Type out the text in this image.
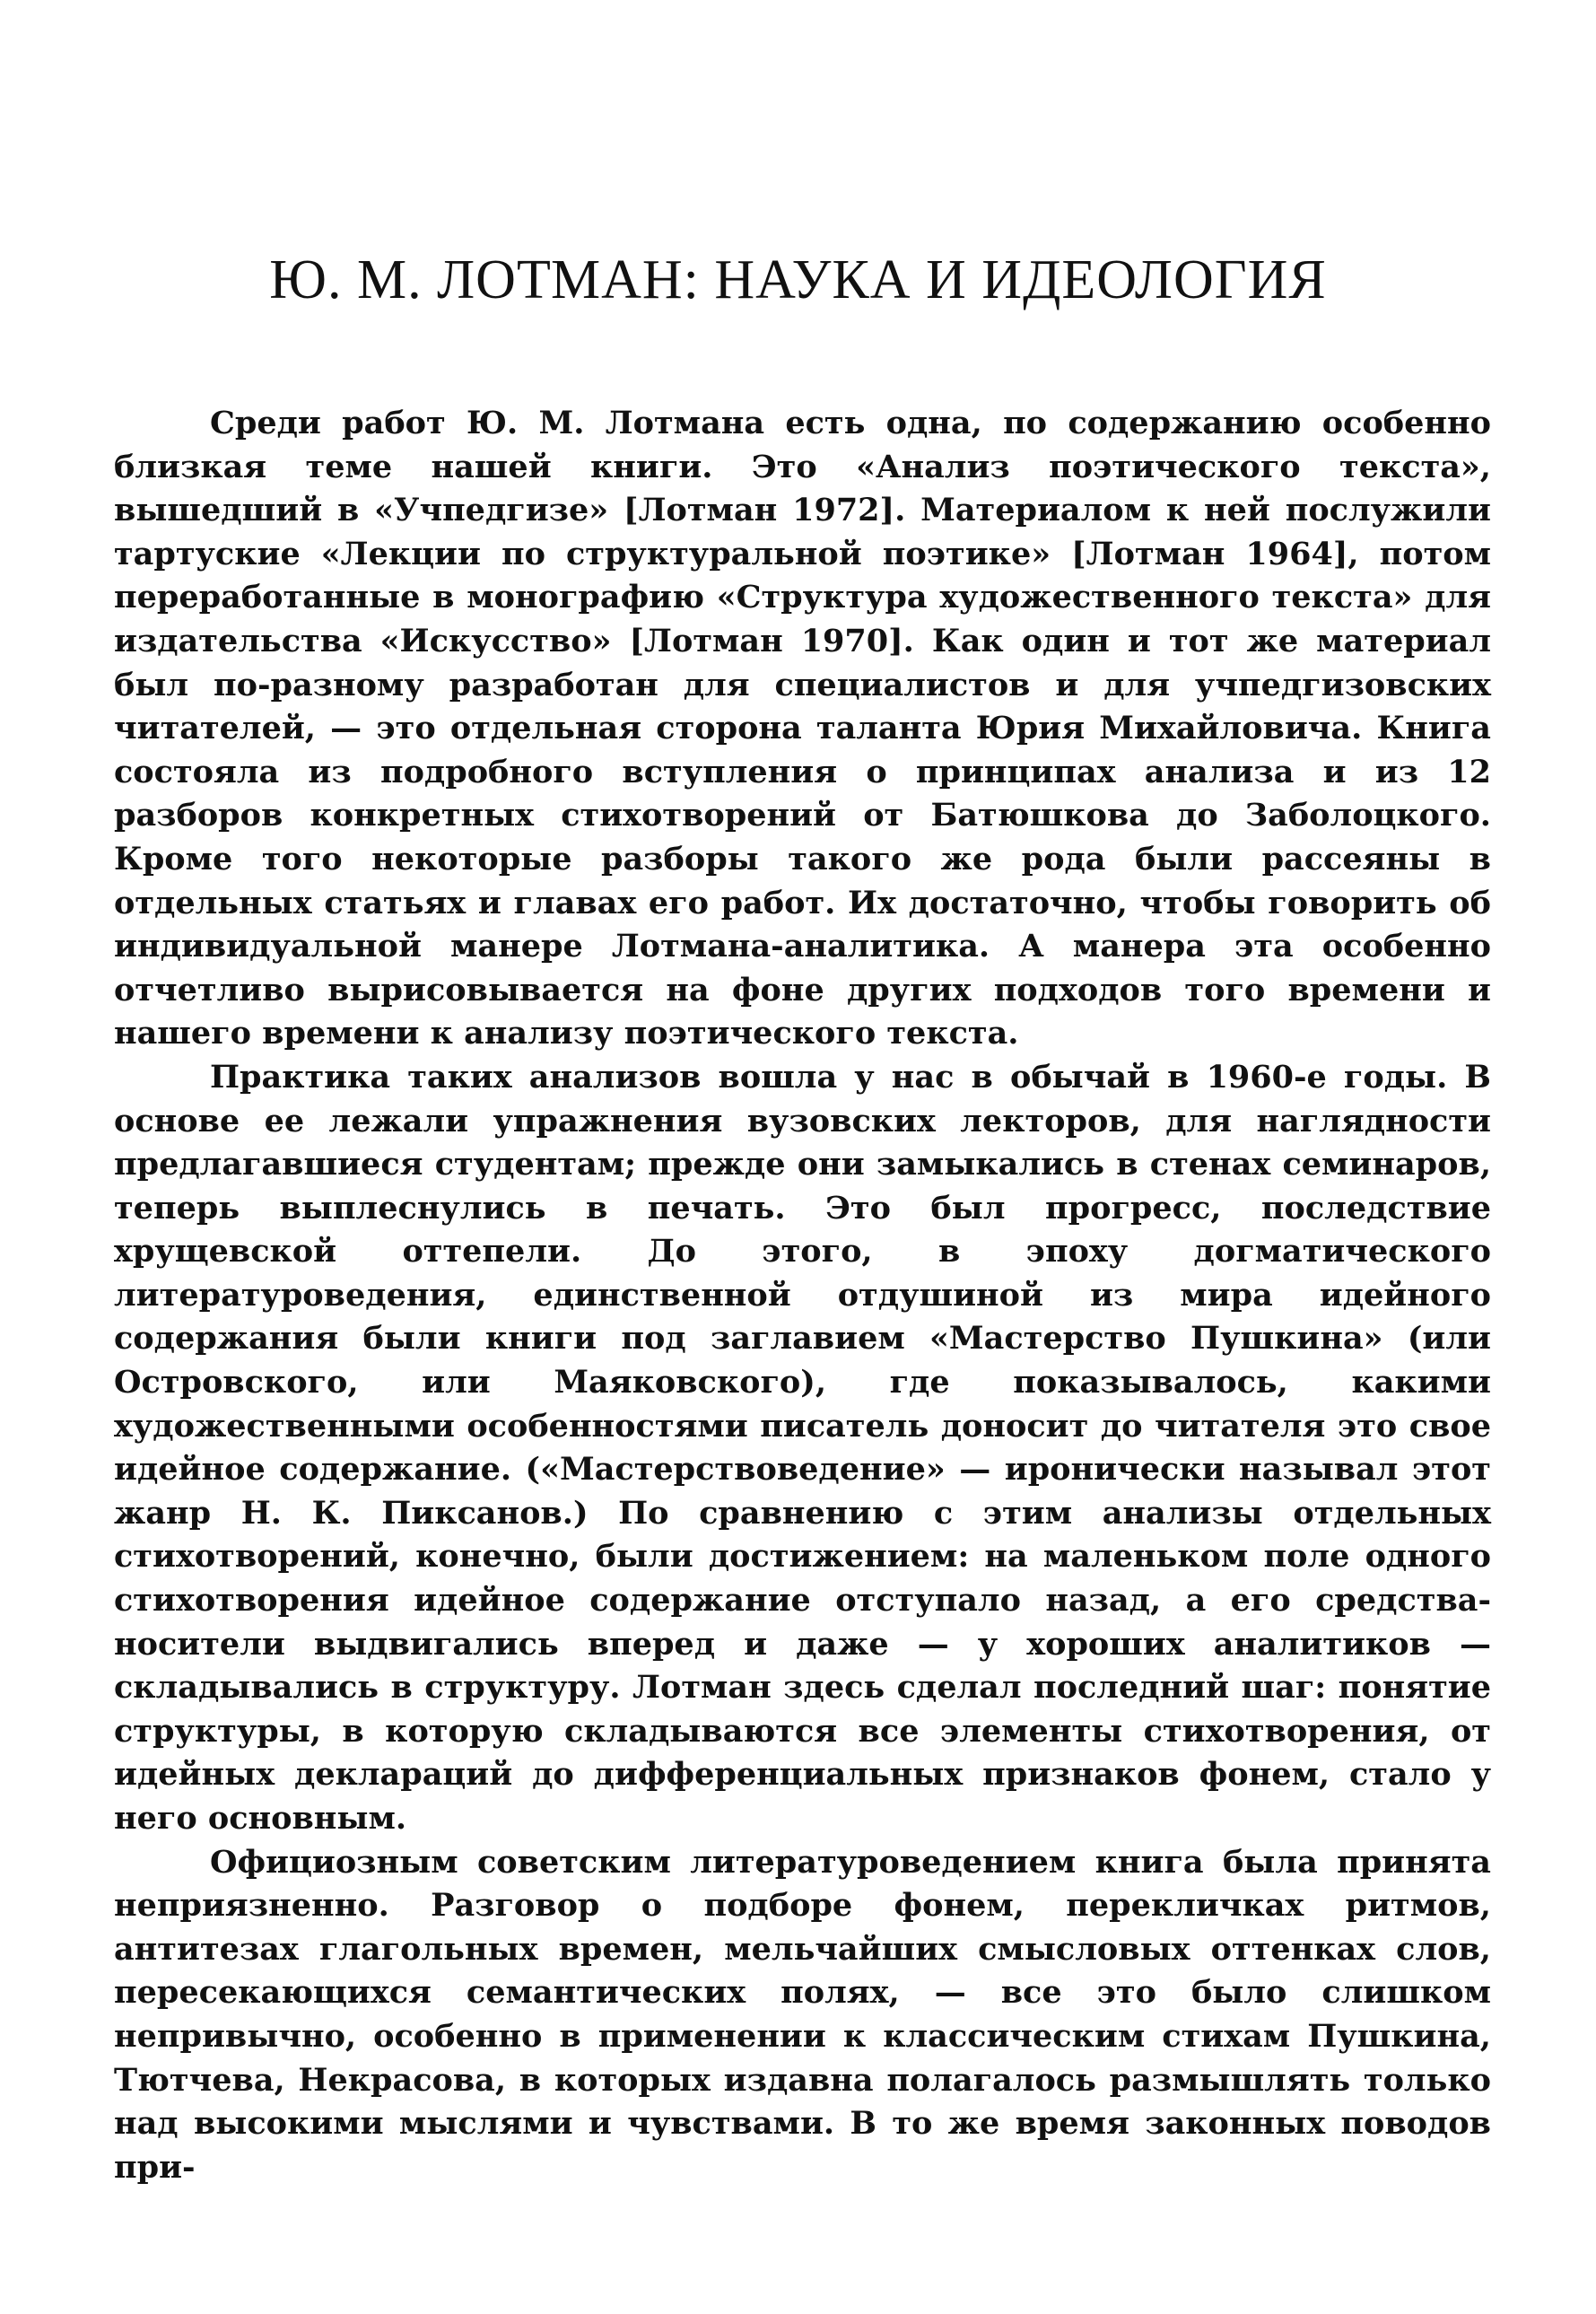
Ю. М. ЛОТМАН: НАУКА И ИДЕОЛОГИЯ

Среди работ Ю. М. Лотмана есть одна, по содержанию особенно близкая теме нашей книги. Это «Анализ поэтического текста», вышедший в «Учпедгизе» [Лотман 1972]. Материалом к ней послужили тартуские «Лекции по структуральной поэтике» [Лотман 1964], потом переработанные в монографию «Структура художественного текста» для издательства «Искусство» [Лотман 1970]. Как один и тот же материал был по-разному разработан для специалистов и для учпедгизовских читателей, — это отдельная сторона таланта Юрия Михайловича. Книга состояла из подробного вступления о принципах анализа и из 12 разборов конкретных стихотворений от Батюшкова до Заболоцкого. Кроме того некоторые разборы такого же рода были рассеяны в отдельных статьях и главах его работ. Их достаточно, чтобы говорить об индивидуальной манере Лотмана-аналитика. А манера эта особенно отчетливо вырисовывается на фоне других подходов того времени и нашего времени к анализу поэтического текста.

Практика таких анализов вошла у нас в обычай в 1960-е годы. В основе ее лежали упражнения вузовских лекторов, для наглядности предлагавшиеся студентам; прежде они замыкались в стенах семинаров, теперь выплеснулись в печать. Это был прогресс, последствие хрущевской оттепели. До этого, в эпоху догматического литературоведения, единственной отдушиной из мира идейного содержания были книги под заглавием «Мастерство Пушкина» (или Островского, или Маяковского), где показывалось, какими художественными особенностями писатель доносит до читателя это свое идейное содержание. («Мастерствоведение» — иронически называл этот жанр Н. К. Пиксанов.) По сравнению с этим анализы отдельных стихотворений, конечно, были достижением: на маленьком поле одного стихотворения идейное содержание отступало назад, а его средства-носители выдвигались вперед и даже — у хороших аналитиков — складывались в структуру. Лотман здесь сделал последний шаг: понятие структуры, в которую складываются все элементы стихотворения, от идейных деклараций до дифференциальных признаков фонем, стало у него основным.

Официозным советским литературоведением книга была принята неприязненно. Разговор о подборе фонем, перекличках ритмов, антитезах глагольных времен, мельчайших смысловых оттенках слов, пересекающихся семантических полях, — все это было слишком непривычно, особенно в применении к классическим стихам Пушкина, Тютчева, Некрасова, в которых издавна полагалось размышлять только над высокими мыслями и чувствами. В то же время законных поводов при-
